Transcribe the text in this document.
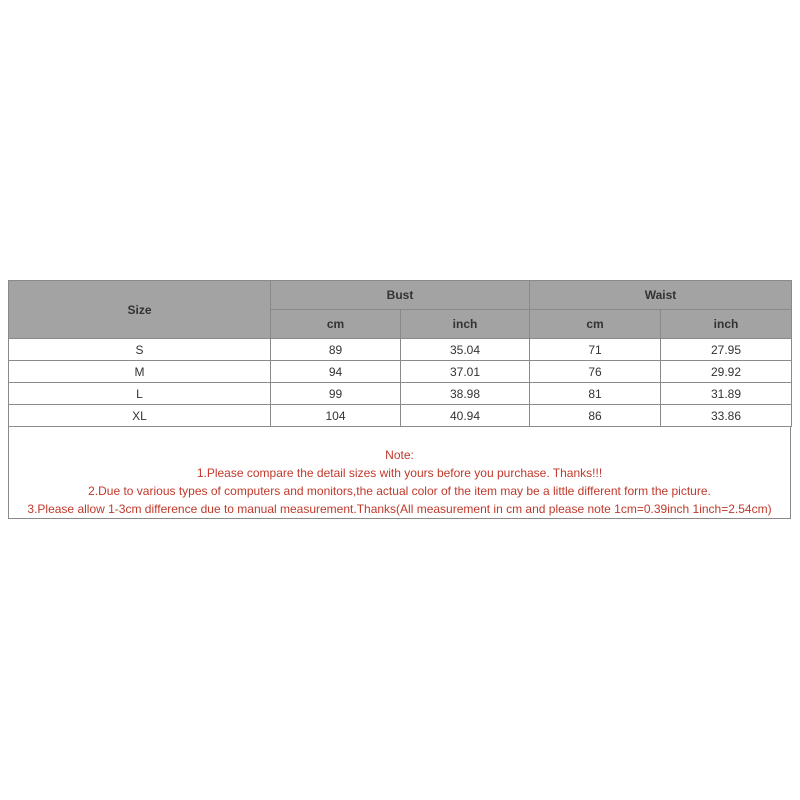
Size	Bust		Waist	
	cm	inch	cm	inch
S	89	35.04	71	27.95
M	94	37.01	76	29.92
L	99	38.98	81	31.89
XL	104	40.94	86	33.86
Note:
1.Please compare the detail sizes with yours before you purchase. Thanks!!!
2.Due to various types of computers and monitors,the actual color of the item may be a little different form the picture.
3.Please allow 1-3cm difference due to manual measurement.Thanks(All measurement in cm and please note 1cm=0.39inch 1inch=2.54cm)
